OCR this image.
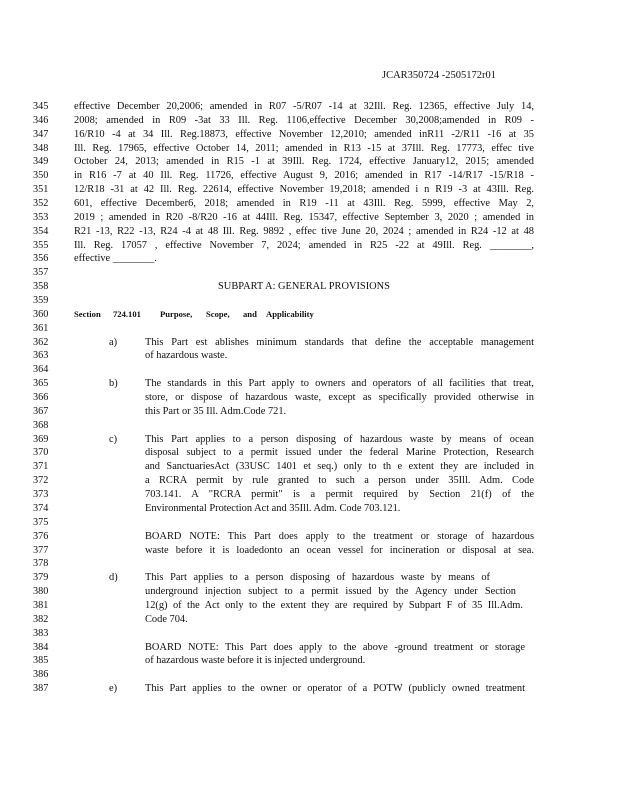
JCAR350724 -2505172r01
345	effective December 20,2006; amended in R07 -5/R07 -14 at 32Ill. Reg. 12365, effective July 14,
346	2008; amended in R09 -3at 33 Ill. Reg. 1106,effective December 30,2008;amended in R09 -
347	16/R10 -4 at 34 Ill. Reg.18873, effective November 12,2010; amended inR11 -2/R11 -16 at 35
348	Ill. Reg. 17965, effective October 14, 2011; amended in R13 -15 at 37Ill. Reg. 17773, effec tive
349	October 24, 2013; amended in R15 -1 at 39Ill. Reg. 1724, effective January12, 2015; amended
350	in R16 -7 at 40 Ill. Reg. 11726, effective August 9, 2016; amended in R17 -14/R17 -15/R18 -
351	12/R18 -31 at 42 Ill. Reg. 22614, effective November 19,2018; amended i n R19 -3 at 43Ill. Reg.
352	601, effective December6, 2018; amended in R19 -11 at 43Ill. Reg. 5999, effective May 2,
353	2019 ; amended in R20 -8/R20 -16 at 44Ill. Reg. 15347, effective September 3, 2020 ; amended in
354	R21 -13, R22 -13, R24 -4 at 48 Ill. Reg. 9892 , effec tive June 20, 2024 ; amended in R24 -12 at 48
355	Ill. Reg. 17057 , effective November 7, 2024; amended in R25 -22 at 49Ill. Reg. ________,
356	effective ________.
357
358	SUBPART A: GENERAL PROVISIONS
359
360	Section 724.101 Purpose, Scope, and Applicability
361
362	a)	This Part est ablishes minimum standards that define the acceptable management
363	of hazardous waste.
364
365	b)	The standards in this Part apply to owners and operators of all facilities that treat,
366	store, or dispose of hazardous waste, except as specifically provided otherwise in
367	this Part or 35 Ill. Adm.Code 721.
368
369	c)	This Part applies to a person disposing of hazardous waste by means of ocean
370	disposal subject to a permit issued under the federal Marine Protection, Research
371	and SanctuariesAct (33USC 1401 et seq.) only to th e extent they are included in
372	a RCRA permit by rule granted to such a person under 35Ill. Adm. Code
373	703.141. A "RCRA permit" is a permit required by Section 21(f) of the
374	Environmental Protection Act and 35Ill. Adm. Code 703.121.
375
376	BOARD NOTE: This Part does apply to the treatment or storage of hazardous
377	waste before it is loadedonto an ocean vessel for incineration or disposal at sea.
378
379	d)	This Part applies to a person disposing of hazardous waste by means of
380	underground injection subject to a permit issued by the Agency under Section
381	12(g) of the Act only to the extent they are required by Subpart F of 35 Ill.Adm.
382	Code 704.
383
384	BOARD NOTE: This Part does apply to the above -ground treatment or storage
385	of hazardous waste before it is injected underground.
386
387	e)	This Part applies to the owner or operator of a POTW (publicly owned treatment
